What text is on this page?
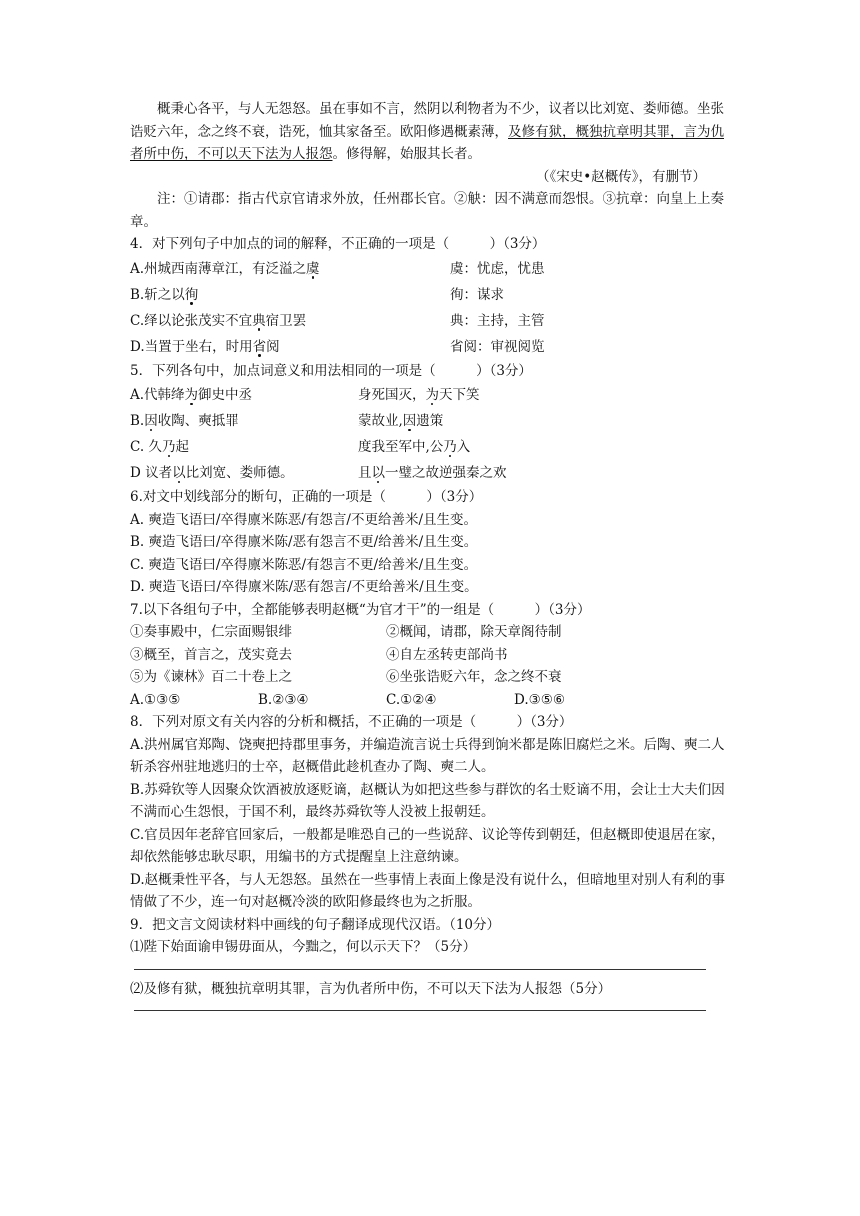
概秉心各平，与人无怨怒。虽在事如不言，然阴以利物者为不少，议者以比刘宽、娄师德。坐张诰贬六年，念之终不衰，诰死，恤其家备至。欧阳修遇概素薄，及修有狱，概独抗章明其罪，言为仇者所中伤，不可以天下法为人报怨。修得解，始服其长者。

（《宋史•赵概传》，有删节）

注：①请郡：指古代京官请求外放，任州郡长官。②觖：因不满意而怨恨。③抗章：向皇上上奏章。

4．对下列句子中加点的词的解释，不正确的一项是（　　　）（3分）

A.州城西南薄章江，有泛溢之虞	虞：忧虑，忧患
B.斩之以徇	徇：谋求
C.绎以论张茂实不宜典宿卫罢	典：主持，主管
D.当置于坐右，时用省阅	省阅：审视阅览

5．下列各句中，加点词意义和用法相同的一项是（　　　）（3分）

A.代韩绛为御史中丞	身死国灭，为天下笑
B.因收陶、奭抵罪	蒙故业,因遗策
C. 久乃起	度我至军中,公乃入
D 议者以比刘宽、娄师德。	且以一璧之故逆强秦之欢

6.对文中划线部分的断句，正确的一项是（　　　）（3分）

A. 奭造飞语曰/卒得廪米陈恶/有怨言/不更给善米/且生变。

B. 奭造飞语曰/卒得廪米陈/恶有怨言不更/给善米/且生变。

C. 奭造飞语曰/卒得廪米陈恶/有怨言不更/给善米/且生变。

D. 奭造飞语曰/卒得廪米陈/恶有怨言/不更给善米/且生变。

7.以下各组句子中，全都能够表明赵概“为官才干”的一组是（　　　）（3分）

①奏事殿中，仁宗面赐银绯	②概闻，请郡，除天章阁待制
③概至，首言之，茂实竟去	④自左丞转吏部尚书
⑤为《谏林》百二十卷上之	⑥坐张诰贬六年，念之终不衰
A.①③⑤	B.②③④	C.①②④	D.③⑤⑥

8．下列对原文有关内容的分析和概括，不正确的一项是（　　　）（3分）

A.洪州属官郑陶、饶奭把持郡里事务，并编造流言说士兵得到饷米都是陈旧腐烂之米。后陶、奭二人斩杀容州驻地逃归的士卒，赵概借此趁机查办了陶、奭二人。

B.苏舜钦等人因聚众饮酒被放逐贬谪，赵概认为如把这些参与群饮的名士贬谪不用，会让士大夫们因不满而心生怨恨，于国不利，最终苏舜钦等人没被上报朝廷。

C.官员因年老辞官回家后，一般都是唯恐自己的一些说辞、议论等传到朝廷，但赵概即使退居在家，却依然能够忠耿尽职，用编书的方式提醒皇上注意纳谏。

D.赵概秉性平各，与人无怨怒。虽然在一些事情上表面上像是没有说什么，但暗地里对别人有利的事情做了不少，连一句对赵概冷淡的欧阳修最终也为之折服。

9．把文言文阅读材料中画线的句子翻译成现代汉语。（10分）

⑴陛下始面谕申锡毋面从，今黜之，何以示天下？（5分）

⑵及修有狱，概独抗章明其罪，言为仇者所中伤，不可以天下法为人报怨（5分）
